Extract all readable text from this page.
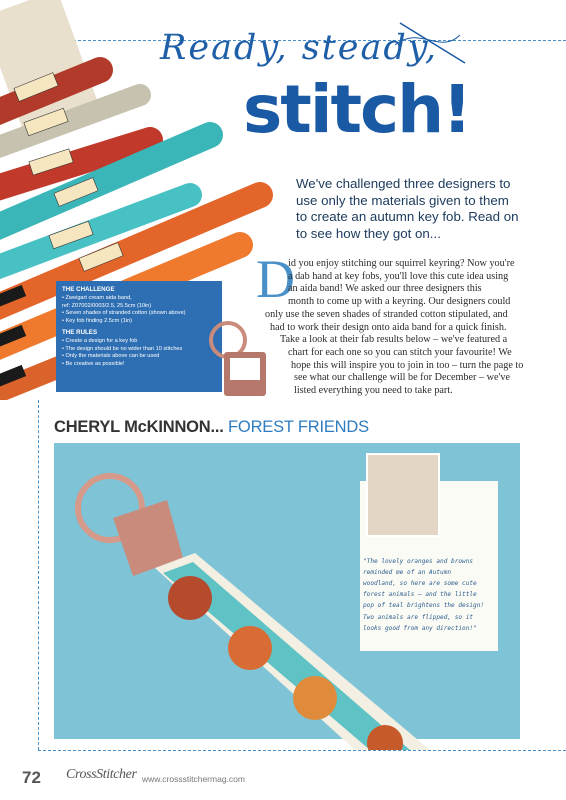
Ready, steady,
stitch!
We've challenged three designers to
use only the materials given to them
to create an autumn key fob. Read on
to see how they got on...
D
id you enjoy stitching our squirrel keyring? Now you're
a dab hand at key fobs, you'll love this cute idea using
an aida band! We asked our three designers this
month to come up with a keyring. Our designers could
only use the seven shades of stranded cotton stipulated, and
had to work their design onto aida band for a quick finish.
Take a look at their fab results below – we've featured a
chart for each one so you can stitch your favourite! We
hope this will inspire you to join in too – turn the page to
see what our challenge will be for December – we've
listed everything you need to take part.
THE CHALLENGE
• Zweigart cream aida band,
ref: Z07002/0003/2.5, 25.5cm (10in)
• Seven shades of stranded cotton (shown above)
• Key fob finding 2.5cm (1in)
THE RULES
• Create a design for a key fob
• The design should be no wider than 10 stitches
• Only the materials above can be used
• Be creative as possible!
CHERYL McKINNON... FOREST FRIENDS
"The lovely oranges and browns
reminded me of an Autumn
woodland, so here are some cute
forest animals – and the little
pop of teal brightens the design!
Two animals are flipped, so it
looks good from any direction!"
72 CrossStitcher www.crossstitchermag.com
PassionForum.ru
